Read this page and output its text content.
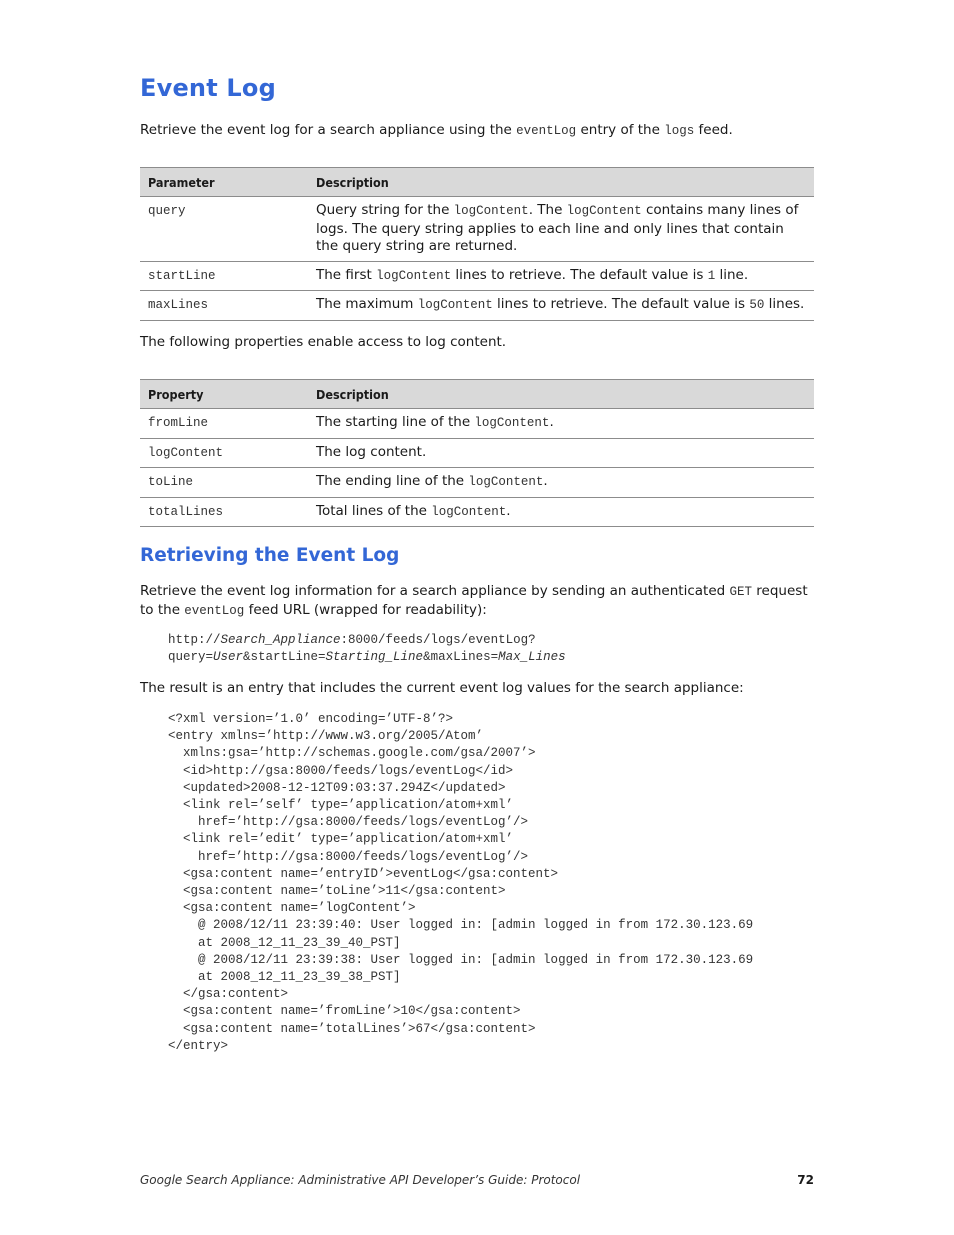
Event Log

Retrieve the event log for a search appliance using the eventLog entry of the logs feed.

Parameter	Description
query	Query string for the logContent. The logContent contains many lines of logs. The query string applies to each line and only lines that contain the query string are returned.
startLine	The first logContent lines to retrieve. The default value is 1 line.
maxLines	The maximum logContent lines to retrieve. The default value is 50 lines.

The following properties enable access to log content.

Property	Description
fromLine	The starting line of the logContent.
logContent	The log content.
toLine	The ending line of the logContent.
totalLines	Total lines of the logContent.
Retrieving the Event Log

Retrieve the event log information for a search appliance by sending an authenticated GET request to the eventLog feed URL (wrapped for readability):

http://Search_Appliance:8000/feeds/logs/eventLog?
query=User&startLine=Starting_Line&maxLines=Max_Lines

The result is an entry that includes the current event log values for the search appliance:

<?xml version=’1.0’ encoding=’UTF-8’?>
<entry xmlns=’http://www.w3.org/2005/Atom’
xmlns:gsa=’http://schemas.google.com/gsa/2007’>
<id>http://gsa:8000/feeds/logs/eventLog</id>
<updated>2008-12-12T09:03:37.294Z</updated>
<link rel=’self’ type=’application/atom+xml’
href=’http://gsa:8000/feeds/logs/eventLog’/>
<link rel=’edit’ type=’application/atom+xml’
href=’http://gsa:8000/feeds/logs/eventLog’/>
<gsa:content name=’entryID’>eventLog</gsa:content>
<gsa:content name=’toLine’>11</gsa:content>
<gsa:content name=’logContent’>
@ 2008/12/11 23:39:40: User logged in: [admin logged in from 172.30.123.69
at 2008_12_11_23_39_40_PST]
@ 2008/12/11 23:39:38: User logged in: [admin logged in from 172.30.123.69
at 2008_12_11_23_39_38_PST]
</gsa:content>
<gsa:content name=’fromLine’>10</gsa:content>
<gsa:content name=’totalLines’>67</gsa:content>
</entry>
Google Search Appliance: Administrative API Developer’s Guide: Protocol	72
